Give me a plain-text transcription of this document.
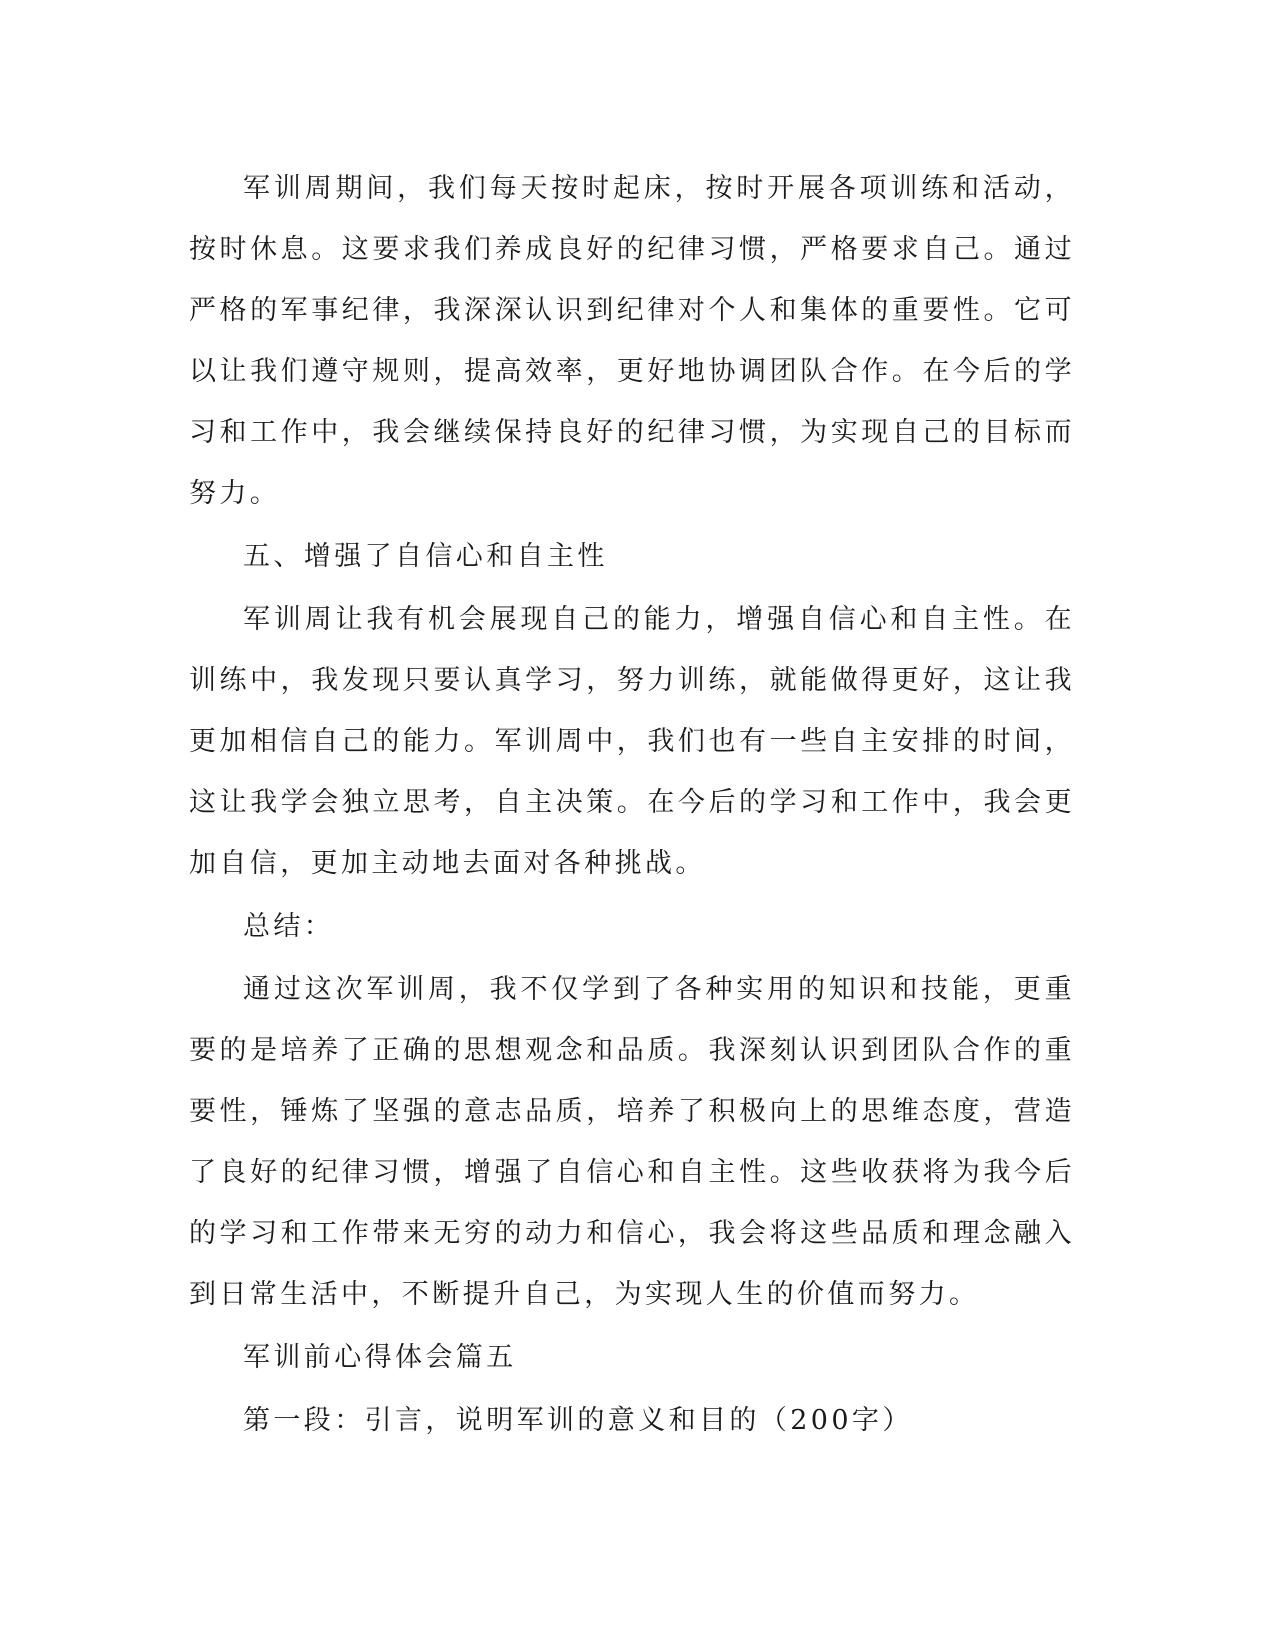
军训周期间，我们每天按时起床，按时开展各项训练和活动，按时休息。这要求我们养成良好的纪律习惯，严格要求自己。通过严格的军事纪律，我深深认识到纪律对个人和集体的重要性。它可以让我们遵守规则，提高效率，更好地协调团队合作。在今后的学习和工作中，我会继续保持良好的纪律习惯，为实现自己的目标而努力。

五、增强了自信心和自主性

军训周让我有机会展现自己的能力，增强自信心和自主性。在训练中，我发现只要认真学习，努力训练，就能做得更好，这让我更加相信自己的能力。军训周中，我们也有一些自主安排的时间，这让我学会独立思考，自主决策。在今后的学习和工作中，我会更加自信，更加主动地去面对各种挑战。

总结：

通过这次军训周，我不仅学到了各种实用的知识和技能，更重要的是培养了正确的思想观念和品质。我深刻认识到团队合作的重要性，锤炼了坚强的意志品质，培养了积极向上的思维态度，营造了良好的纪律习惯，增强了自信心和自主性。这些收获将为我今后的学习和工作带来无穷的动力和信心，我会将这些品质和理念融入到日常生活中，不断提升自己，为实现人生的价值而努力。

军训前心得体会篇五

第一段：引言，说明军训的意义和目的（200字）
